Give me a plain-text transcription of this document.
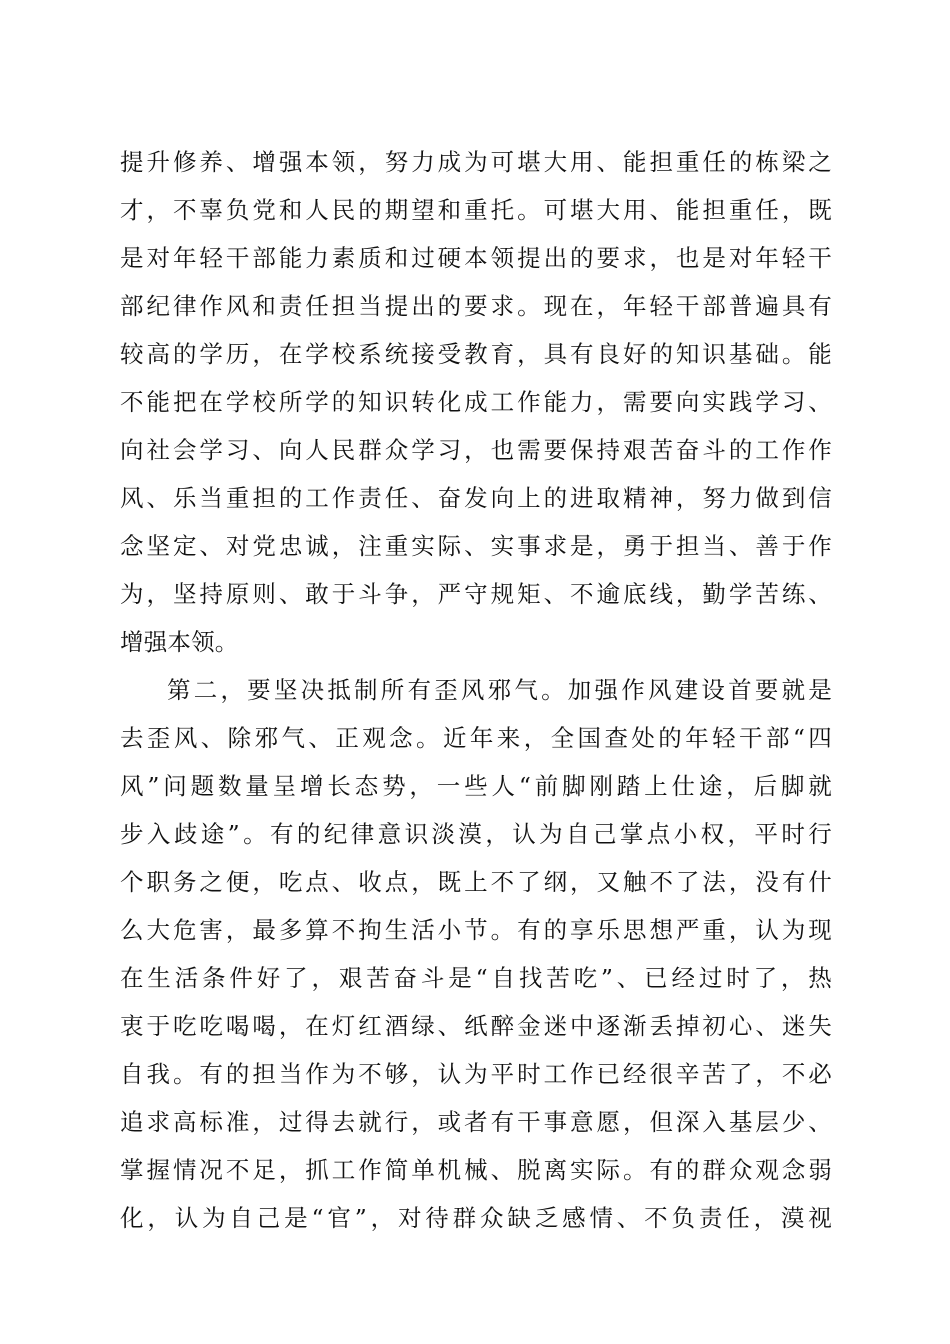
提升修养、增强本领，努力成为可堪大用、能担重任的栋梁之
才，不辜负党和人民的期望和重托。可堪大用、能担重任，既
是对年轻干部能力素质和过硬本领提出的要求，也是对年轻干
部纪律作风和责任担当提出的要求。现在，年轻干部普遍具有
较高的学历，在学校系统接受教育，具有良好的知识基础。能
不能把在学校所学的知识转化成工作能力，需要向实践学习、
向社会学习、向人民群众学习，也需要保持艰苦奋斗的工作作
风、乐当重担的工作责任、奋发向上的进取精神，努力做到信
念坚定、对党忠诚，注重实际、实事求是，勇于担当、善于作
为，坚持原则、敢于斗争，严守规矩、不逾底线，勤学苦练、
增强本领。
第二，要坚决抵制所有歪风邪气。加强作风建设首要就是
去歪风、除邪气、正观念。近年来，全国查处的年轻干部“四
风”问题数量呈增长态势，一些人“前脚刚踏上仕途，后脚就
步入歧途”。有的纪律意识淡漠，认为自己掌点小权，平时行
个职务之便，吃点、收点，既上不了纲，又触不了法，没有什
么大危害，最多算不拘生活小节。有的享乐思想严重，认为现
在生活条件好了，艰苦奋斗是“自找苦吃”、已经过时了，热
衷于吃吃喝喝，在灯红酒绿、纸醉金迷中逐渐丢掉初心、迷失
自我。有的担当作为不够，认为平时工作已经很辛苦了，不必
追求高标准，过得去就行，或者有干事意愿，但深入基层少、
掌握情况不足，抓工作简单机械、脱离实际。有的群众观念弱
化，认为自己是“官”，对待群众缺乏感情、不负责任，漠视
